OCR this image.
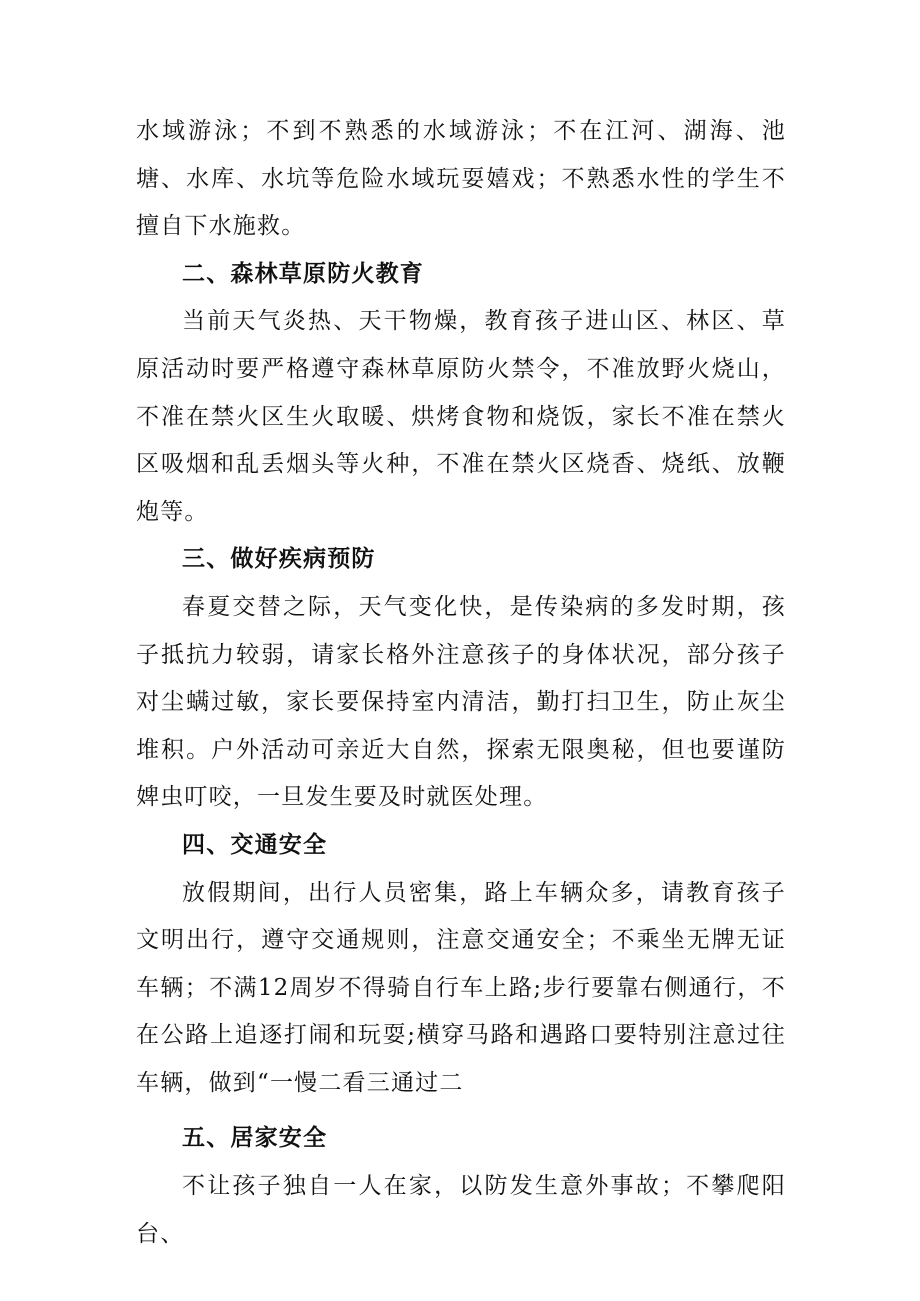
水域游泳；不到不熟悉的水域游泳；不在江河、湖海、池塘、水库、水坑等危险水域玩耍嬉戏；不熟悉水性的学生不擅自下水施救。

二、森林草原防火教育

当前天气炎热、天干物燥，教育孩子进山区、林区、草原活动时要严格遵守森林草原防火禁令，不准放野火烧山，不准在禁火区生火取暖、烘烤食物和烧饭，家长不准在禁火区吸烟和乱丢烟头等火种，不准在禁火区烧香、烧纸、放鞭炮等。

三、做好疾病预防

春夏交替之际，天气变化快，是传染病的多发时期，孩子抵抗力较弱，请家长格外注意孩子的身体状况，部分孩子对尘螨过敏，家长要保持室内清洁，勤打扫卫生，防止灰尘堆积。户外活动可亲近大自然，探索无限奥秘，但也要谨防婢虫叮咬，一旦发生要及时就医处理。

四、交通安全

放假期间，出行人员密集，路上车辆众多，请教育孩子文明出行，遵守交通规则，注意交通安全；不乘坐无牌无证车辆；不满12周岁不得骑自行车上路;步行要靠右侧通行，不在公路上追逐打闹和玩耍;横穿马路和遇路口要特别注意过往车辆，做到“一慢二看三通过二

五、居家安全

不让孩子独自一人在家，以防发生意外事故；不攀爬阳台、
